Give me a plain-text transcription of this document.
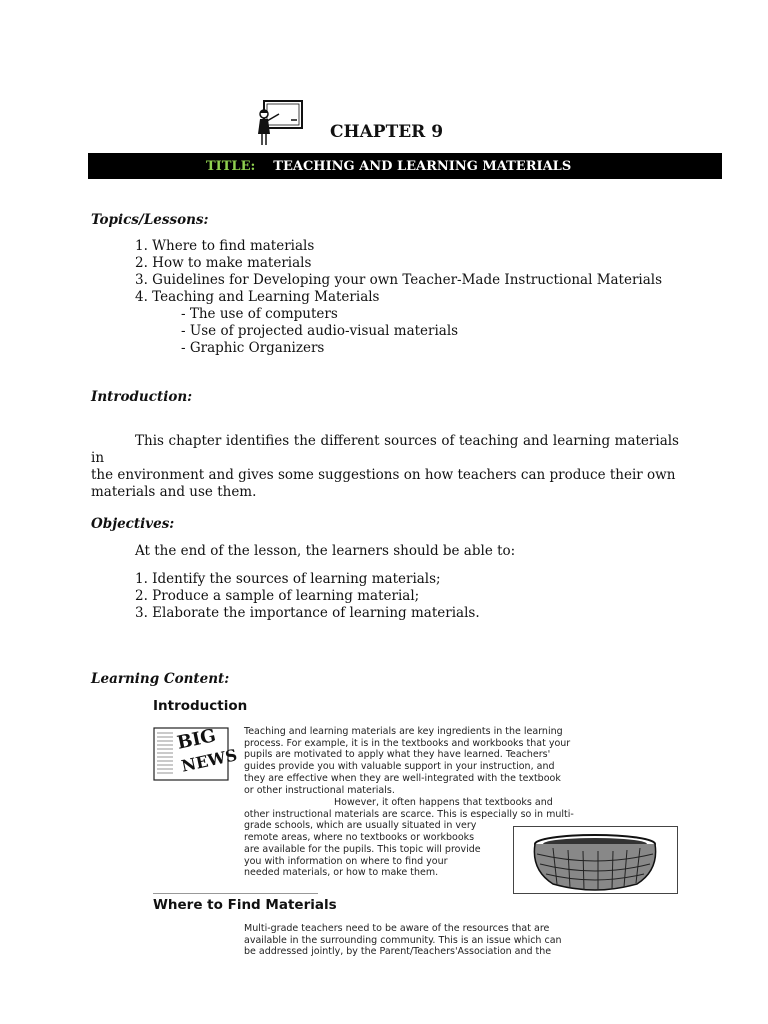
CHAPTER 9
TITLE: TEACHING AND LEARNING MATERIALS
Topics/Lessons:
1. Where to find materials
2. How to make materials
3. Guidelines for Developing your own Teacher-Made Instructional Materials
4. Teaching and Learning Materials
- The use of computers
- Use of projected audio-visual materials
- Graphic Organizers
Introduction:
This chapter identifies the different sources of teaching and learning materials in
the environment and gives some suggestions on how teachers can produce their own
materials and use them.
Objectives:
At the end of the lesson, the learners should be able to:
1. Identify the sources of learning materials;
2. Produce a sample of learning material;
3. Elaborate the importance of learning materials.
Learning Content:
Introduction
BIG
NEWS
Teaching and learning materials are key ingredients in the learning
process. For example, it is in the textbooks and workbooks that your
pupils are motivated to apply what they have learned. Teachers'
guides provide you with valuable support in your instruction, and
they are effective when they are well-integrated with the textbook
or other instructional materials.
However, it often happens that textbooks and
other instructional materials are scarce. This is especially so in multi-
grade schools, which are usually situated in very
remote areas, where no textbooks or workbooks
are available for the pupils. This topic will provide
you with information on where to find your
needed materials, or how to make them.
Where to Find Materials
Multi-grade teachers need to be aware of the resources that are
available in the surrounding community. This is an issue which can
be addressed jointly, by the Parent/Teachers'Association and the
